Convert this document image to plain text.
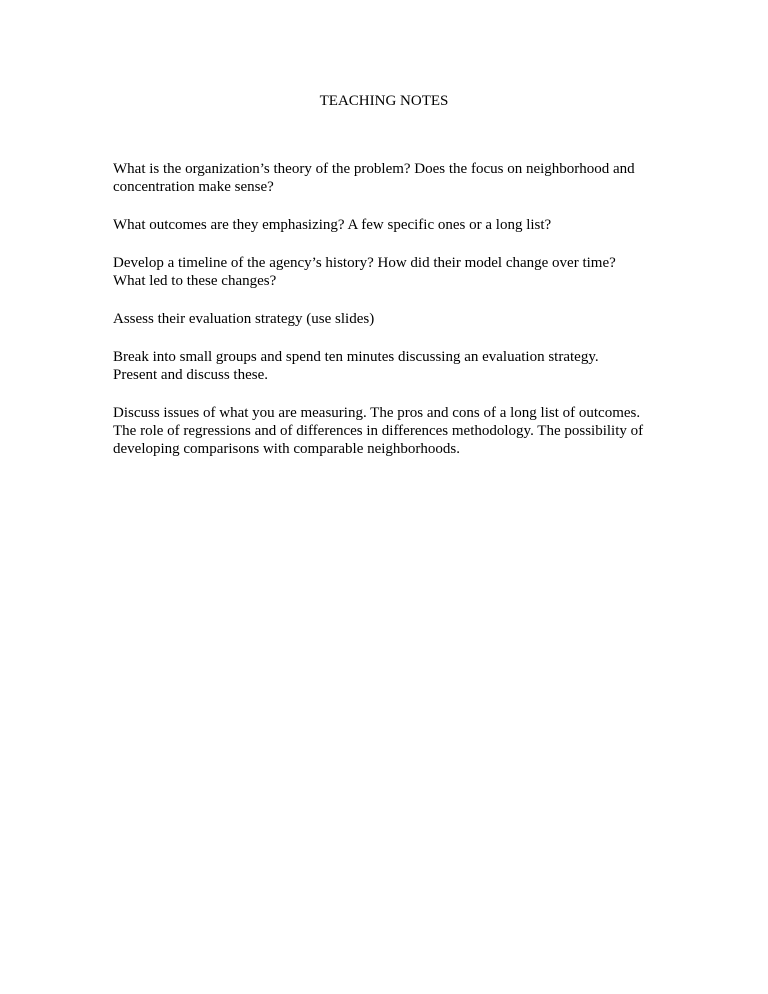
TEACHING NOTES

What is the organization’s theory of the problem? Does the focus on neighborhood and
concentration make sense?

What outcomes are they emphasizing? A few specific ones or a long list?

Develop a timeline of the agency’s history? How did their model change over time?
What led to these changes?

Assess their evaluation strategy (use slides)

Break into small groups and spend ten minutes discussing an evaluation strategy.
Present and discuss these.

Discuss issues of what you are measuring. The pros and cons of a long list of outcomes.
The role of regressions and of differences in differences methodology. The possibility of
developing comparisons with comparable neighborhoods.
